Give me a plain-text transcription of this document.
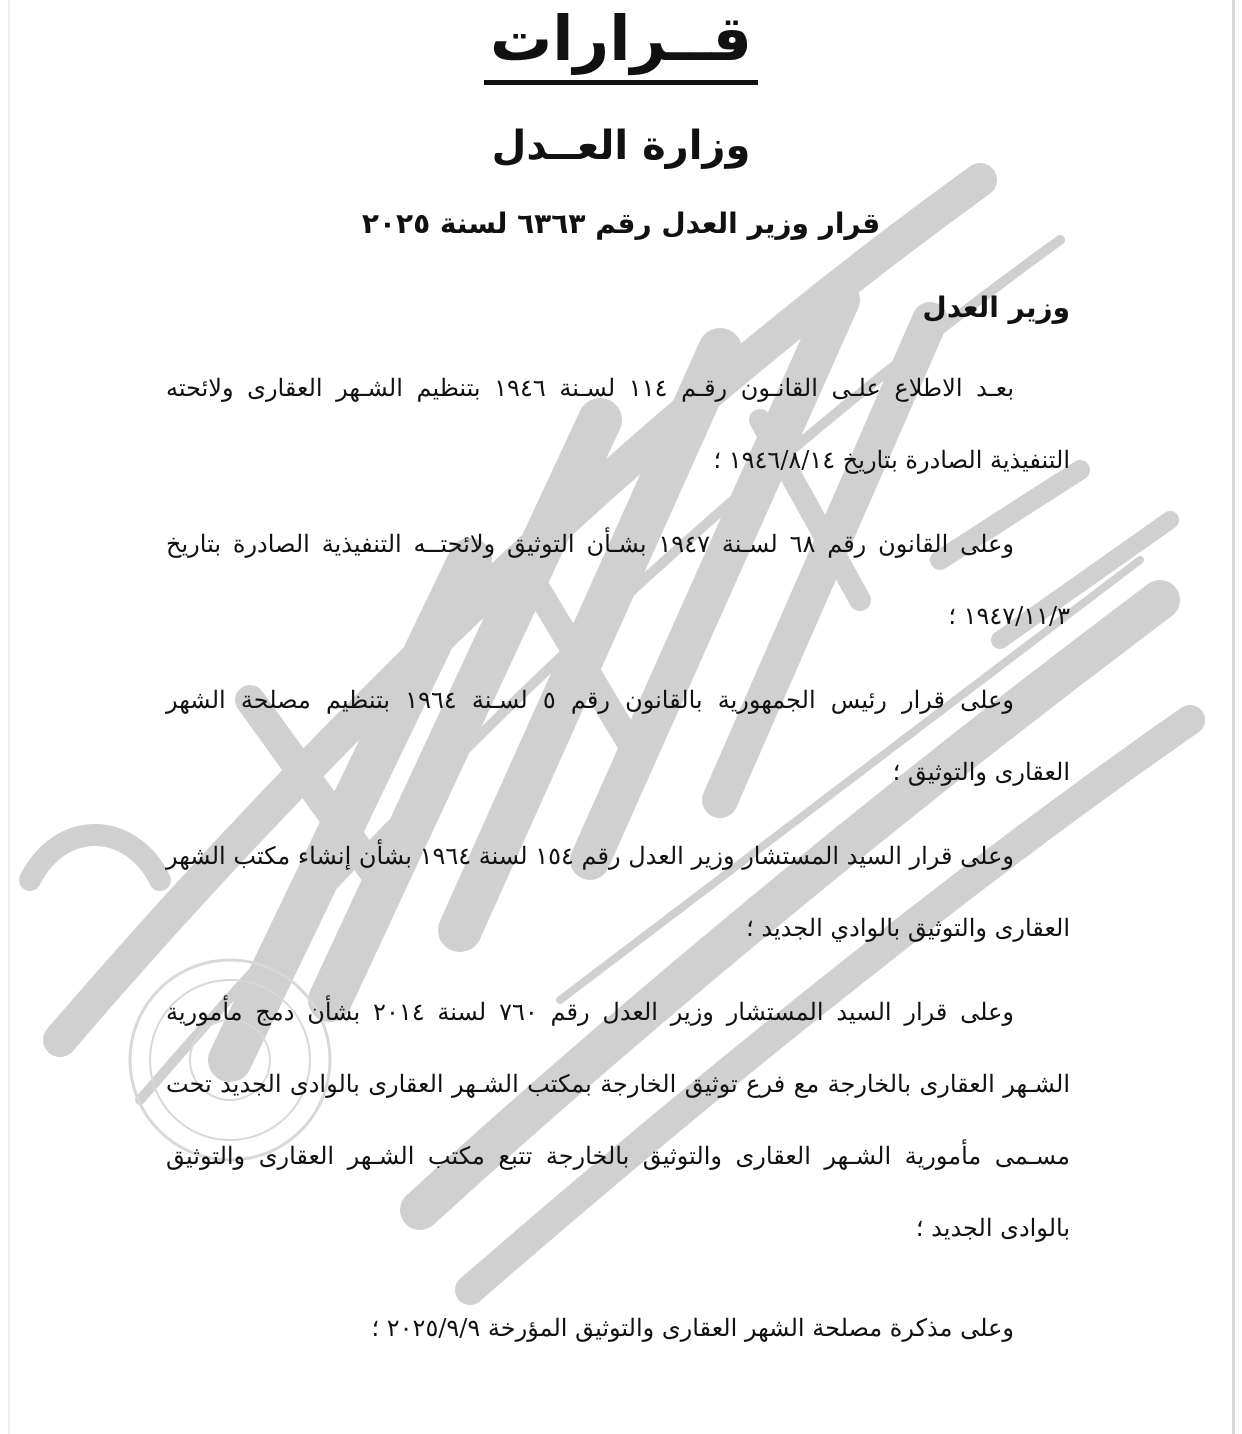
قــرارات
وزارة العــدل
قرار وزير العدل رقم ٦٣٦٣ لسنة ٢٠٢٥

وزير العدل

بعـد الاطلاع علـى القانـون رقـم ١١٤ لسـنة ١٩٤٦ بتنظيم الشـهر العقارى ولائحته التنفيذية الصادرة بتاريخ ١٩٤٦/٨/١٤ ؛

وعلى القانون رقم ٦٨ لسـنة ١٩٤٧ بشـأن التوثيق ولائحتــه التنفيذية الصادرة بتاريخ ١٩٤٧/١١/٣ ؛

وعلى قرار رئيس الجمهورية بالقانون رقم ٥ لسـنة ١٩٦٤ بتنظيم مصلحة الشهر العقارى والتوثيق ؛

وعلى قرار السيد المستشار وزير العدل رقم ١٥٤ لسنة ١٩٦٤ بشأن إنشاء مكتب الشهر العقارى والتوثيق بالوادي الجديد ؛

وعلى قرار السيد المستشار وزير العدل رقم ٧٦٠ لسنة ٢٠١٤ بشأن دمج مأمورية الشـهر العقارى بالخارجة مع فرع توثيق الخارجة بمكتب الشـهر العقارى بالوادى الجديد تحت مسـمى مأمورية الشـهر العقارى والتوثيق بالخارجة تتبع مكتب الشـهر العقارى والتوثيق بالوادى الجديد ؛

وعلى مذكرة مصلحة الشهر العقارى والتوثيق المؤرخة ٢٠٢٥/٩/٩ ؛
